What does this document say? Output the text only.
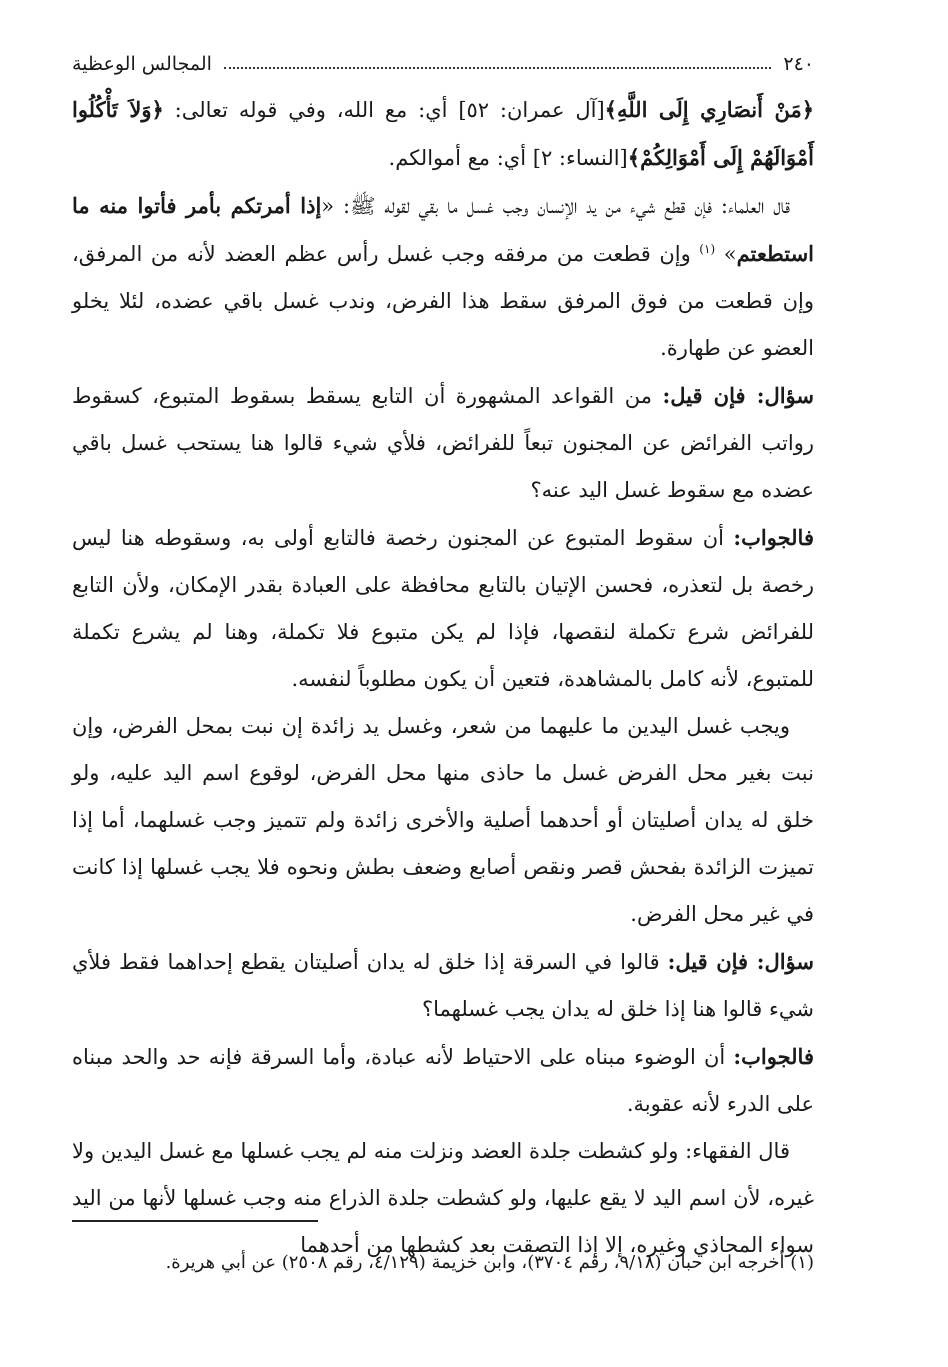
٢٤٠
المجالس الوعظية

﴿مَنْ أَنصَارِي إِلَى اللَّهِ﴾[آل عمران: ٥٢] أي: مع الله، وفي قوله تعالى: ﴿وَلاَ تَأْكُلُوا أَمْوَالَهُمْ إِلَى أَمْوَالِكُمْ﴾[النساء: ٢] أي: مع أموالكم.

قال العلماء: فإن قطع شيء من يد الإنسان وجب غسل ما بقي لقوله ﷺ: «إذا أمرتكم بأمر فأتوا منه ما استطعتم» $^{(١)}$ وإن قطعت من مرفقه وجب غسل رأس عظم العضد لأنه من المرفق، وإن قطعت من فوق المرفق سقط هذا الفرض، وندب غسل باقي عضده، لئلا يخلو العضو عن طهارة.

سؤال: فإن قيل: من القواعد المشهورة أن التابع يسقط بسقوط المتبوع، كسقوط رواتب الفرائض عن المجنون تبعاً للفرائض، فلأي شيء قالوا هنا يستحب غسل باقي عضده مع سقوط غسل اليد عنه؟

فالجواب: أن سقوط المتبوع عن المجنون رخصة فالتابع أولى به، وسقوطه هنا ليس رخصة بل لتعذره، فحسن الإتيان بالتابع محافظة على العبادة بقدر الإمكان، ولأن التابع للفرائض شرع تكملة لنقصها، فإذا لم يكن متبوع فلا تكملة، وهنا لم يشرع تكملة للمتبوع، لأنه كامل بالمشاهدة، فتعين أن يكون مطلوباً لنفسه.

ويجب غسل اليدين ما عليهما من شعر، وغسل يد زائدة إن نبت بمحل الفرض، وإن نبت بغير محل الفرض غسل ما حاذى منها محل الفرض، لوقوع اسم اليد عليه، ولو خلق له يدان أصليتان أو أحدهما أصلية والأخرى زائدة ولم تتميز وجب غسلهما، أما إذا تميزت الزائدة بفحش قصر ونقص أصابع وضعف بطش ونحوه فلا يجب غسلها إذا كانت في غير محل الفرض.

سؤال: فإن قيل: قالوا في السرقة إذا خلق له يدان أصليتان يقطع إحداهما فقط فلأي شيء قالوا هنا إذا خلق له يدان يجب غسلهما؟

فالجواب: أن الوضوء مبناه على الاحتياط لأنه عبادة، وأما السرقة فإنه حد والحد مبناه على الدرء لأنه عقوبة.

قال الفقهاء: ولو كشطت جلدة العضد ونزلت منه لم يجب غسلها مع غسل اليدين ولا غيره، لأن اسم اليد لا يقع عليها، ولو كشطت جلدة الذراع منه وجب غسلها لأنها من اليد سواء المحاذي وغيره، إلا إذا التصقت بعد كشطها من أحدهما

(١) أخرجه ابن حبان (٩/١٨، رقم ٣٧٠٤)، وابن خزيمة (٤/١٢٩، رقم ٢٥٠٨) عن أبي هريرة.
